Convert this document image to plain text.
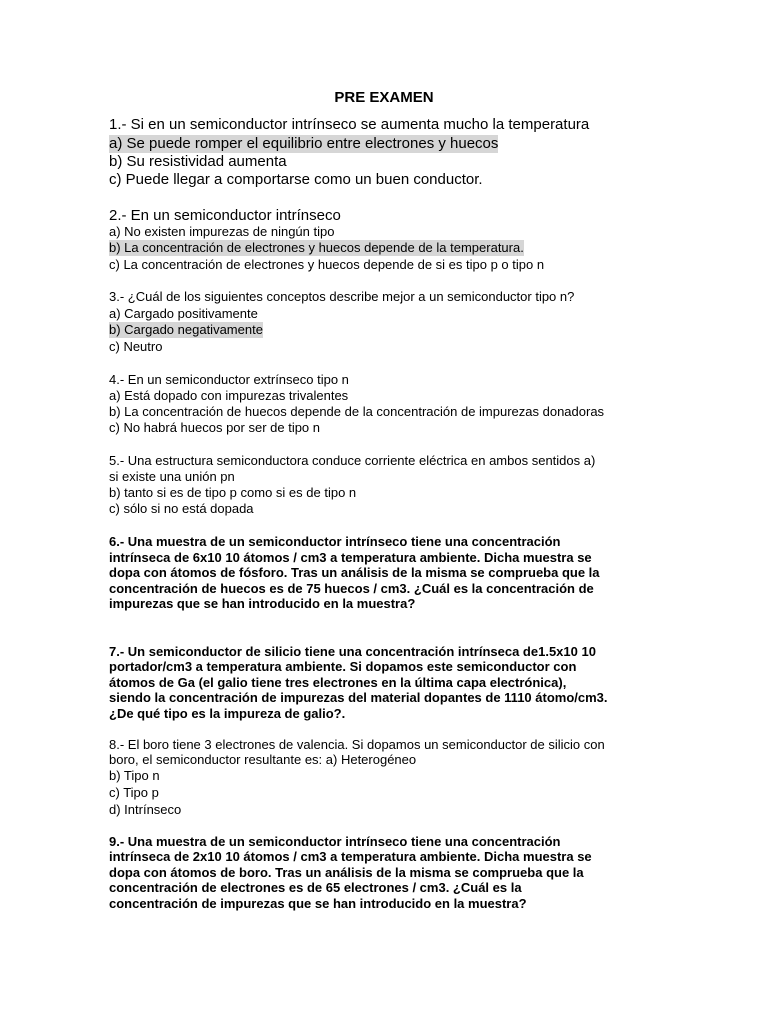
PRE EXAMEN
1.- Si en un semiconductor intrínseco se aumenta mucho la temperatura
a) Se puede romper el equilibrio entre electrones y huecos
b) Su resistividad aumenta
c) Puede llegar a comportarse como un buen conductor.
2.- En un semiconductor intrínseco
a) No existen impurezas de ningún tipo
b) La concentración de electrones y huecos depende de la temperatura.
c) La concentración de electrones y huecos depende de si es tipo p o tipo n
3.- ¿Cuál de los siguientes conceptos describe mejor a un semiconductor tipo n?
a) Cargado positivamente
b) Cargado negativamente
c) Neutro
4.- En un semiconductor extrínseco tipo n
a) Está dopado con impurezas trivalentes
b) La concentración de huecos depende de la concentración de impurezas donadoras
c) No habrá huecos por ser de tipo n
5.- Una estructura semiconductora conduce corriente eléctrica en ambos sentidos a)
si existe una unión pn
b) tanto si es de tipo p como si es de tipo n
c) sólo si no está dopada
6.- Una muestra de un semiconductor intrínseco tiene una concentración
intrínseca de 6x10 10 átomos / cm3 a temperatura ambiente. Dicha muestra se
dopa con átomos de fósforo. Tras un análisis de la misma se comprueba que la
concentración de huecos es de 75 huecos / cm3. ¿Cuál es la concentración de
impurezas que se han introducido en la muestra?
7.- Un semiconductor de silicio tiene una concentración intrínseca de1.5x10 10
portador/cm3 a temperatura ambiente. Si dopamos este semiconductor con
átomos de Ga (el galio tiene tres electrones en la última capa electrónica),
siendo la concentración de impurezas del material dopantes de 1110 átomo/cm3.
¿De qué tipo es la impureza de galio?.
8.- El boro tiene 3 electrones de valencia. Si dopamos un semiconductor de silicio con
boro, el semiconductor resultante es: a) Heterogéneo
b) Tipo n
c) Tipo p
d) Intrínseco
9.- Una muestra de un semiconductor intrínseco tiene una concentración
intrínseca de 2x10 10 átomos / cm3 a temperatura ambiente. Dicha muestra se
dopa con átomos de boro. Tras un análisis de la misma se comprueba que la
concentración de electrones es de 65 electrones / cm3. ¿Cuál es la
concentración de impurezas que se han introducido en la muestra?
